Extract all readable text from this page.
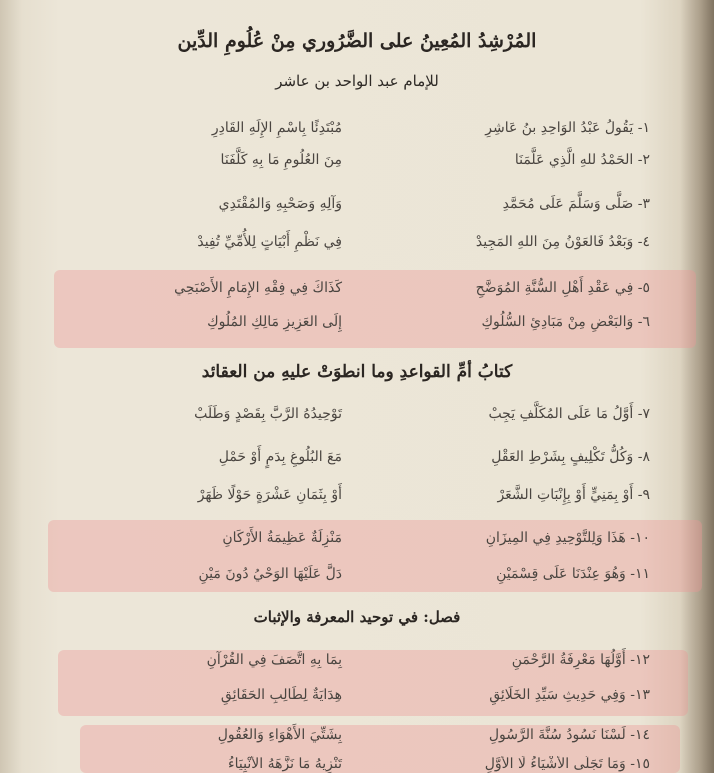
المُرْشِدُ المُعِينُ على الضَّرُوري مِنْ عُلُومِ الدِّين
للإمام عبد الواحد بن عاشر
١- يَقُولُ عَبْدُ الوَاحِدِ بنُ عَاشِرِ
مُبْتَدِئًا بِاسْمِ الإِلَهِ القَادِرِ
٢- الحَمْدُ للهِ الَّذِي عَلَّمَنَا
مِنَ العُلُومِ مَا بِهِ كَلَّفَنَا
٣- صَلَّى وَسَلَّمَ عَلَى مُحَمَّدِ
وَآلِهِ وَصَحْبِهِ وَالمُقْتَدِي
٤- وَبَعْدُ فَالعَوْنُ مِنَ اللهِ المَجِيدْ
فِي نَظْمِ أَبْيَاتٍ لِلأُمِّيِّ تُفِيدْ
٥- فِي عَقْدِ أَهْلِ السُّنَّةِ المُوَضَّحِ
كَذَاكَ فِي فِقْهِ الإِمَامِ الأَصْبَحِي
٦- وَالبَعْضِ مِنْ مَبَادِئِ السُّلُوكِ
إِلَى العَزِيزِ مَالِكِ المُلُوكِ
كتابُ أمِّ القواعدِ وما انطوَتْ عليهِ من العقائد
٧- أَوَّلُ مَا عَلَى المُكَلَّفِ يَجِبْ
تَوْحِيدُهُ الرَّبَّ بِقَصْدٍ وَطَلَبْ
٨- وَكُلُّ تَكْلِيفٍ بِشَرْطِ العَقْلِ
مَعَ البُلُوغِ بِدَمٍ أَوْ حَمْلِ
٩- أَوْ بِمَنِيٍّ أَوْ بِإِنْبَاتِ الشَّعَرْ
أَوْ بِثَمَانِ عَشْرَةٍ حَوْلًا ظَهَرْ
١٠- هَذَا وَلِلتَّوْحِيدِ فِي المِيزَانِ
مَنْزِلَةٌ عَظِيمَةُ الأَرْكَانِ
١١- وَهُوَ عِنْدَنَا عَلَى قِسْمَيْنِ
دَلَّ عَلَيْهَا الوَحْيُ دُونَ مَيْنِ
فصل: في توحيد المعرفة والإثبات
١٢- أَوَّلُهَا مَعْرِفَةُ الرَّحْمَنِ
بِمَا بِهِ اتَّصَفَ فِي القُرْآنِ
١٣- وَفِي حَدِيثِ سَيِّدِ الخَلَائِقِ
هِدَايَةٌ لِطَالِبِ الحَقَائِقِ
١٤- لَسْنَا نَسُودُ سُنَّةَ الرَّسُولِ
بِشَتِّيَ الأَهْوَاءِ وَالعُقُولِ
١٥- وَمَا تَجَلَّى الأَشْيَاءُ لَا الأَوَّلِ
تَنْزِيهُ مَا نَزَّهَهُ الأَنْبِيَاءُ
